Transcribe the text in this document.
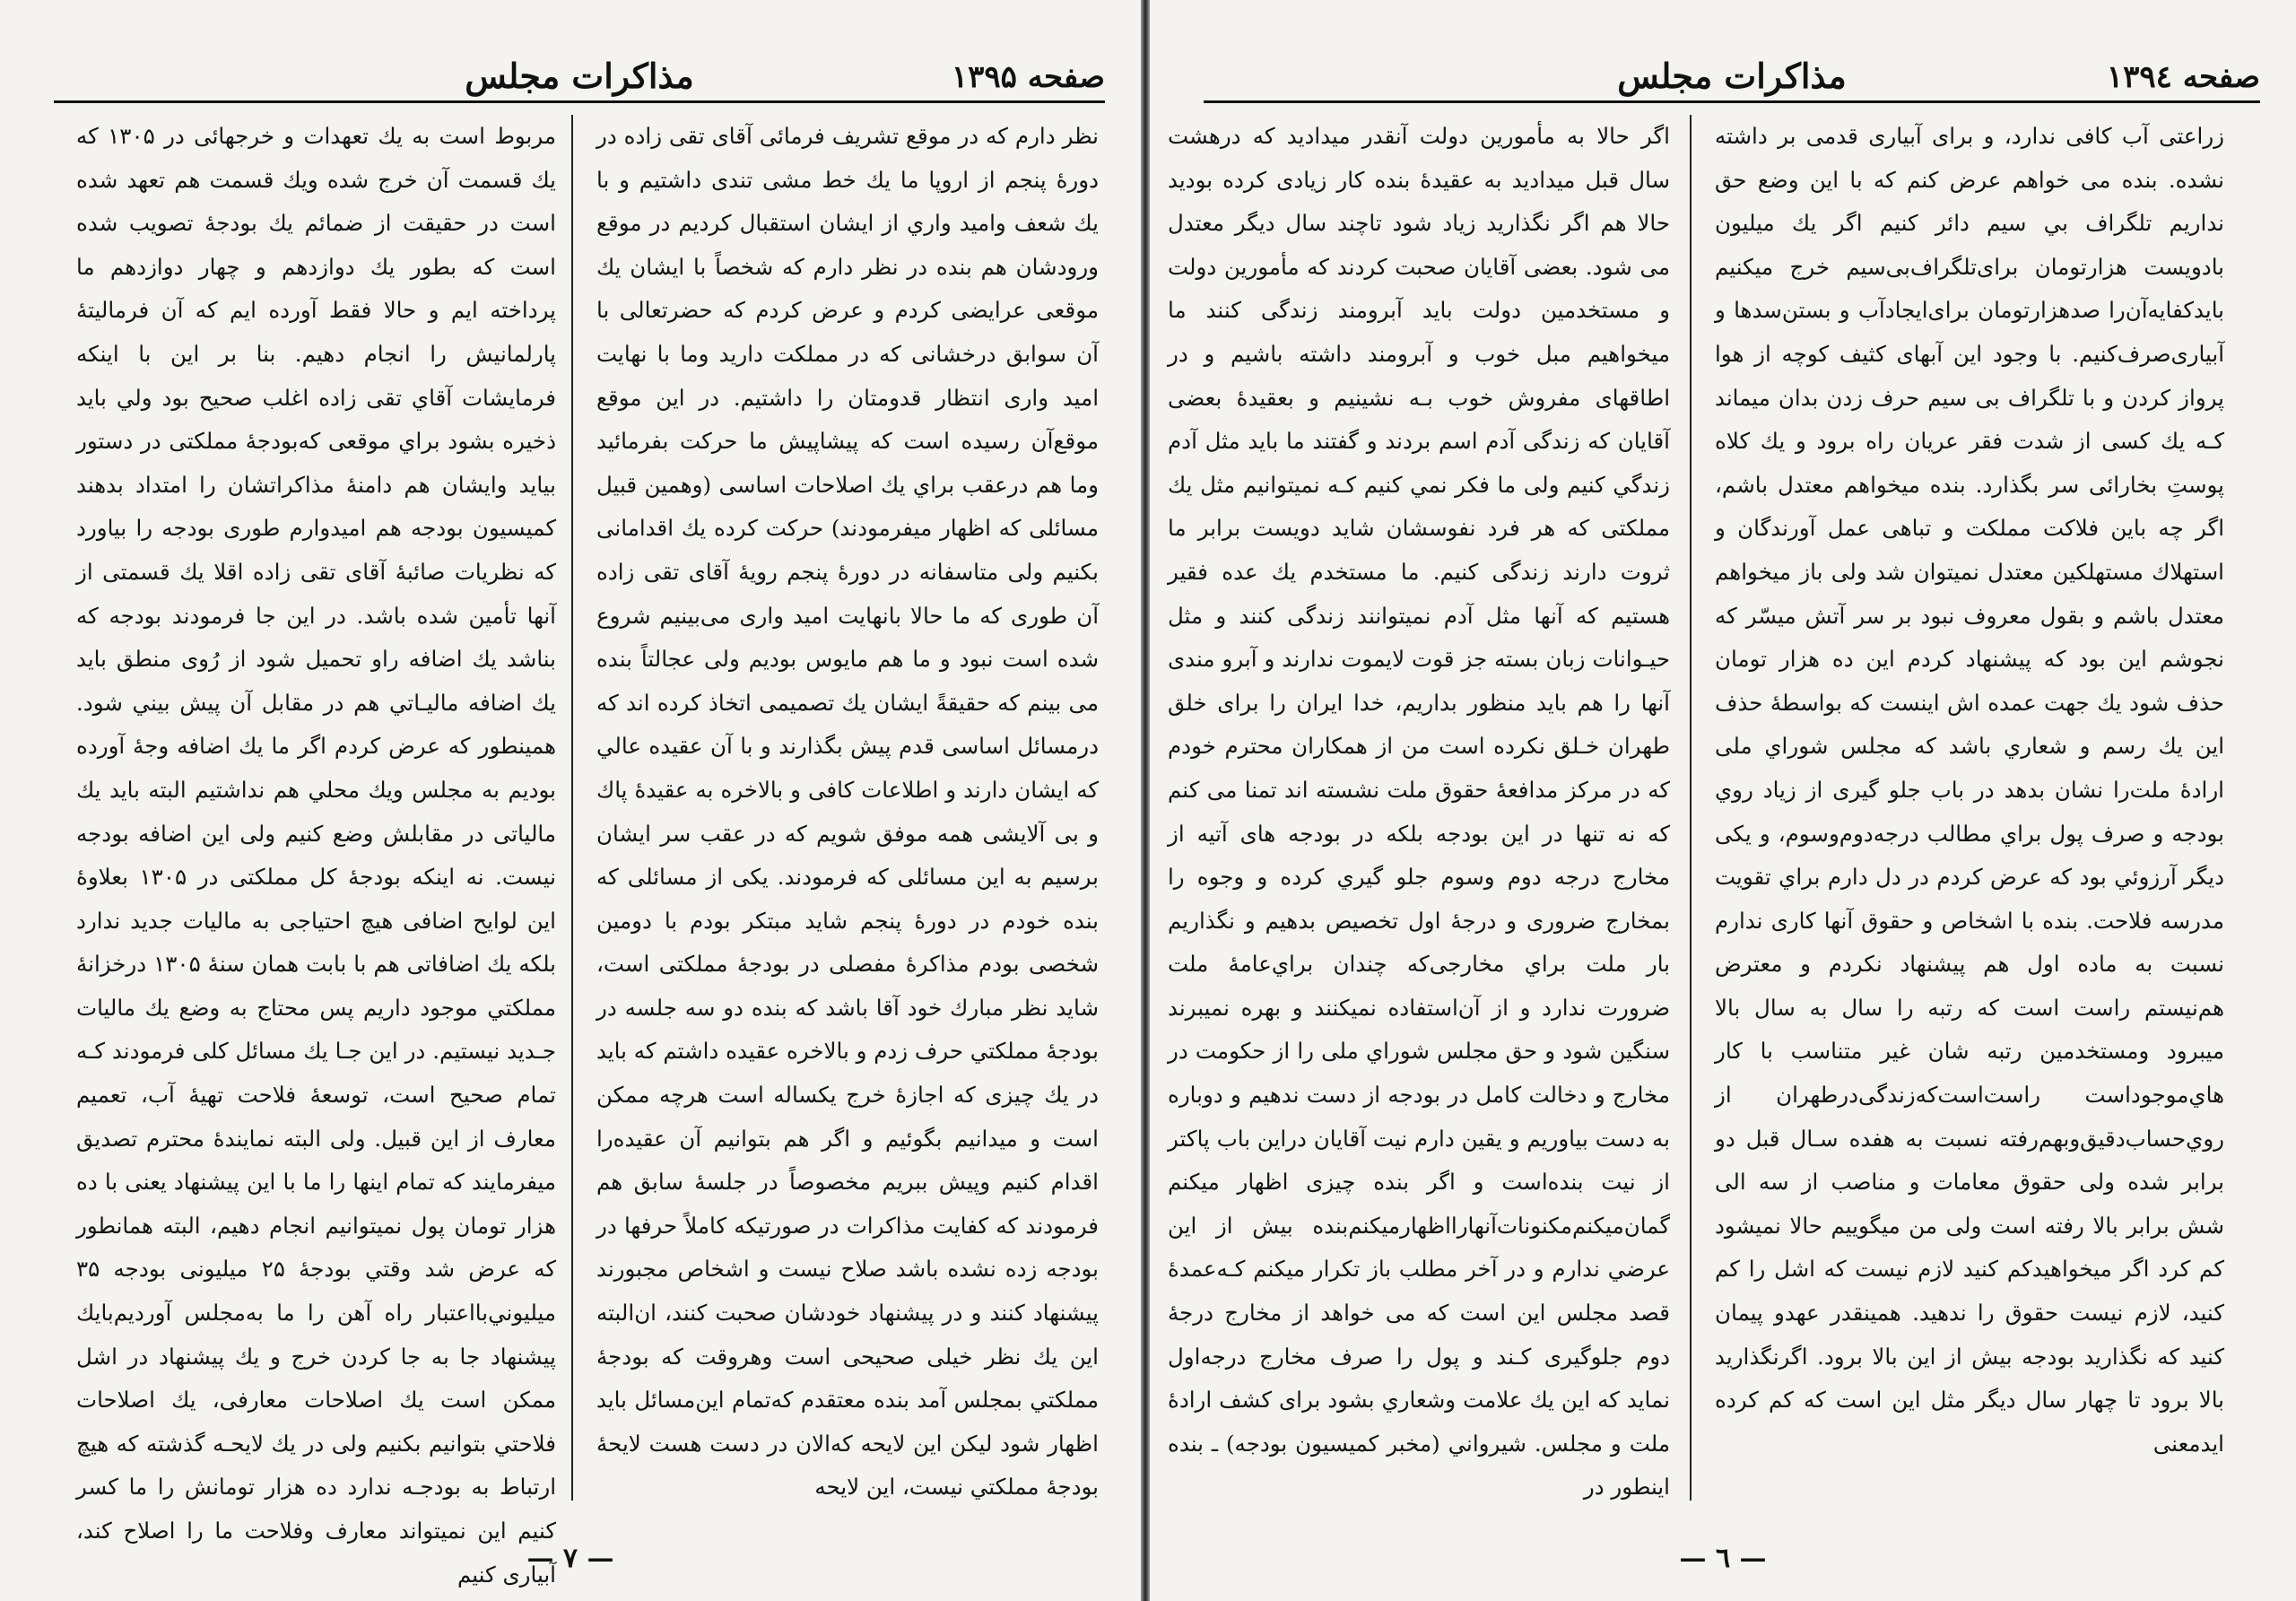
صفحه ۱۳۹۵
مذاکرات مجلس

نظر دارم که در موقع تشریف فرمائی آقای تقی زاده در دورهٔ پنجم از اروپا ما یك خط مشی تندی داشتیم و با یك شعف وامید واري از ايشان استقبال کردیم در موقع ورودشان هم بنده در نظر دارم که شخصاً با ایشان یك موقعی عرایضی کردم و عرض کردم که حضرتعالی با آن سوابق درخشانی که در مملکت دارید وما با نهایت امید واری انتظار قدومتان را داشتیم. در این موقع موقع‌آن رسیده است که پیشاپیش ما حرکت بفرمائید وما هم درعقب براي یك اصلاحات اساسی (وهمین قبیل مسائلی که اظهار میفرمودند) حرکت کرده یك اقدامانی بکنیم ولی متاسفانه در دورهٔ پنجم رویهٔ آقای تقی زاده آن طوری که ما حالا بانهایت امید واری می‌بینیم شروع شده است نبود و ما هم مایوس بودیم ولی عجالتاً بنده می بینم که حقیقةً ایشان یك تصمیمی اتخاذ کرده اند که درمسائل اساسی قدم پیش بگذارند و با آن عقیده عالي که ایشان دارند و اطلاعات کافی و بالاخره به عقیدهٔ پاك و بی آلایشی همه موفق شویم که در عقب سر ایشان برسیم به این مسائلی که فرمودند. یکی از مسائلی که بنده خودم در دورهٔ پنجم شاید مبتکر بودم با دومین شخصی بودم مذاکرهٔ مفصلی در بودجهٔ مملکتی است، شاید نظر مبارك خود آقا باشد که بنده دو سه جلسه در بودجهٔ مملکتي حرف زدم و بالاخره عقیده داشتم که باید در یك چیزی که اجازهٔ خرج یکساله است هرچه ممکن است و میدانیم بگوئیم و اگر هم بتوانیم آن عقیده‌را اقدام کنیم وپیش ببریم مخصوصاً در جلسهٔ سابق هم فرمودند که کفایت مذاکرات در صورتیکه کاملاً حرفها در بودجه زده نشده باشد صلاح نیست و اشخاص مجبورند پیشنهاد کنند و در پیشنهاد خودشان صحبت کنند، ان‌البته این یك نظر خیلی صحیحی است وهروقت که بودجهٔ مملکتي بمجلس آمد بنده معتقدم که‌تمام این‌مسائل باید اظهار شود لیکن این لایحه که‌الان در دست هست لایحهٔ بودجهٔ مملکتي نیست، این لایحه

مربوط است به یك تعهدات و خرجهائی در ۱۳۰۵ که یك قسمت آن خرج شده ویك قسمت هم تعهد شده است در حقیقت از ضمائم یك بودجهٔ تصویب شده است که بطور یك دوازدهم و چهار دوازدهم ما پرداخته ایم و حالا فقط آورده ایم که آن فرمالیتهٔ پارلمانیش را انجام دهیم. بنا بر این با اینکه فرمایشات آقاي تقی زاده اغلب صحیح بود ولي باید ذخیره بشود براي موقعی که‌بودجهٔ مملکتی در دستور بیاید وایشان هم دامنهٔ مذاکراتشان را امتداد بدهند کمیسیون بودجه هم امیدوارم طوری بودجه را بیاورد که نظریات صائبهٔ آقای تقی زاده اقلا یك قسمتی از آنها تأمین شده باشد. در این جا فرمودند بودجه که بناشد یك اضافه راو تحمیل شود از رُوی منطق باید یك اضافه مالیـاتي هم در مقابل آن پیش بيني شود. همینطور که عرض کردم اگر ما یك اضافه وجهٔ آورده بودیم به مجلس ویك محلي هم نداشتیم البته باید یك مالیاتی در مقابلش وضع کنیم ولی این اضافه بودجه نیست. نه اینکه بودجهٔ کل مملکتی در ۱۳۰۵ بعلاوهٔ این لوایح اضافی هیچ احتیاجی به مالیات جدید ندارد بلکه یك اضافاتی هم با بابت همان سنهٔ ۱۳۰۵ درخزانهٔ مملکتي موجود داریم پس محتاج به وضع یك مالیات جـدید نیستیم. در این جـا یك مسائل کلی فرمودند کـه تمام صحیح است، توسعهٔ فلاحت تهیهٔ آب، تعمیم معارف از این قبیل. ولی البته نمایندهٔ محترم تصدیق میفرمایند که تمام اینها را ما با این پیشنهاد یعنی با ده هزار تومان پول نمیتوانیم انجام دهیم، البته همانطور که عرض شد وقتي بودجهٔ ۲۵ میلیونی بودجه ۳۵ میلیوني‌بااعتبار راه آهن را ما به‌مجلس آوردیم‌بایك پیشنهاد جا به جا کردن خرج و یك پیشنهاد در اشل ممکن است یك اصلاحات معارفی، یك اصلاحات فلاحتي بتوانیم بکنیم ولی در یك لایحـه گذشته که هیچ ارتباط به بودجـه ندارد ده هزار تومانش را ما کسر کنیم این نمیتواند معارف وفلاحت ما را اصلاح کند، آبیاری کنیم

— ۷ —
صفحه ۱۳۹٤
مذاکرات مجلس

زراعتی آب کافی ندارد، و برای آبیاری قدمی بر داشته نشده. بنده می خواهم عرض کنم که با این وضع حق نداریم تلگراف بي سیم دائر کنیم اگر یك میلیون بادویست هزارتومان برای‌تلگراف‌بی‌سیم خرج میکنیم باید‌کفایه‌آن‌را صدهزارتومان برای‌ایجادآب و بستن‌سدها و آبیاری‌صرف‌کنیم. با وجود این آبهای کثیف کوچه از هوا پرواز کردن و با تلگراف بی سیم حرف زدن بدان میماند کـه یك کسی از شدت فقر عریان راه برود و یك کلاه پوستِ بخارائی سر بگذارد. بنده میخواهم معتدل باشم، اگر چه باین فلاکت مملکت و تباهی عمل آورندگان و استهلاك مستهلکین معتدل نمیتوان شد ولی باز میخواهم معتدل باشم و بقول معروف‌ نبود بر سر آتش میسّر که نجوشم این بود که پیشنهاد کردم این ده هزار تومان حذف شود یك جهت عمده اش اینست که بواسطهٔ حذف این یك رسم و شعاري باشد که مجلس شوراي ملی ارادهٔ ملت‌را نشان بدهد در باب جلو گیری از زیاد روي بودجه و صرف پول براي مطالب درجه‌دوم‌وسوم، و یکی دیگر آرزوئي بود که عرض کردم در دل دارم براي تقویت مدرسه فلاحت. بنده با اشخاص و حقوق آنها کاری ندارم نسبت به ماده اول هم پیشنهاد نکردم و معترض هم‌نیستم راست است که رتبه را سال به سال بالا میبرود ومستخدمین رتبه شان غیر متناسب با کار هاي‌موجوداست راست‌است‌که‌زندگی‌در‌طهران از روي‌حساب‌دقیق‌وبهم‌رفته نسبت به هفده سـال قبل دو برابر شده ولی حقوق معامات و مناصب از سه الی شش برابر بالا رفته است ولی من میگوییم حالا نمیشود کم کرد اگر میخواهید‌کم کنید لازم نیست که اشل را کم کنید، لازم نیست حقوق را ندهید. همینقدر عهدو پیمان کنید که نگذارید بودجه بیش از این بالا برود. اگرنگذارید بالا برود تا چهار سال دیگر مثل این است که کم کرده ایدمعنی

اگر حالا به مأمورین دولت آنقدر میدادید که درهشت سال قبل میدادید به عقیدهٔ بنده کار زیادی کرده بودید حالا هم اگر نگذارید زیاد شود تاچند سال دیگر معتدل می شود. بعضی آقایان صحبت کردند که مأمورین دولت و مستخدمین دولت باید آبرومند زندگی کنند ما میخواهیم مبل خوب و آبرومند داشته باشیم و در اطاقهای مفروش خوب بـه نشینیم و بعقیدهٔ بعضی آقایان که زندگی آدم اسم بردند و گفتند ما باید مثل آدم زندگي کنیم ولی ما فکر نمي کنیم کـه نمیتوانیم مثل یك مملکتی که هر فرد نفوسشان شاید دویست برابر ما ثروت دارند زندگی کنیم. ما مستخدم یك عده فقیر هستیم که آنها مثل آدم نمیتوانند زندگی کنند و مثل حیـوانات زبان بسته جز قوت لایموت ندارند و آبرو مندی آنها را هم باید منظور بداریم، خدا ایران را برای خلق طهران خـلق نکرده است من از همکاران محترم خودم که در مرکز مدافعهٔ حقوق ملت نشسته اند تمنا می کنم که نه تنها در این بودجه بلکه در بودجه های آتیه از مخارج درجه دوم وسوم جلو گیري کرده و وجوه را بمخارج ضروری و درجهٔ اول تخصیص بدهیم و نگذاریم بار ملت براي مخارجی‌که چندان براي‌عامهٔ ملت ضرورت ندارد و از آن‌استفاده نمیکنند و بهره نمیبرند سنگین شود و حق مجلس شوراي ملی را از حکومت در مخارج و دخالت کامل در بودجه از دست ندهیم و دوباره به دست بیاوریم و یقین دارم نیت آقایان دراین باب پاکتر از نیت بنده‌است و اگر بنده چیزی اظهار میکنم گمان‌میکنم‌مکنونات‌آنهارااظهارمیکنم‌بنده بیش از این عرضي ندارم و در آخر مطلب باز تکرار میکنم کـه‌عمدهٔ قصد مجلس این است که می خواهد از مخارج درجهٔ دوم جلوگیری کـند و پول را صرف مخارج درجه‌اول‌ نماید که این یك علامت وشعاري بشود برای کشف ارادهٔ ملت و مجلس. شیرواني (مخبر کمیسیون بودجه) ـ بنده اینطور در

— ٦ —
